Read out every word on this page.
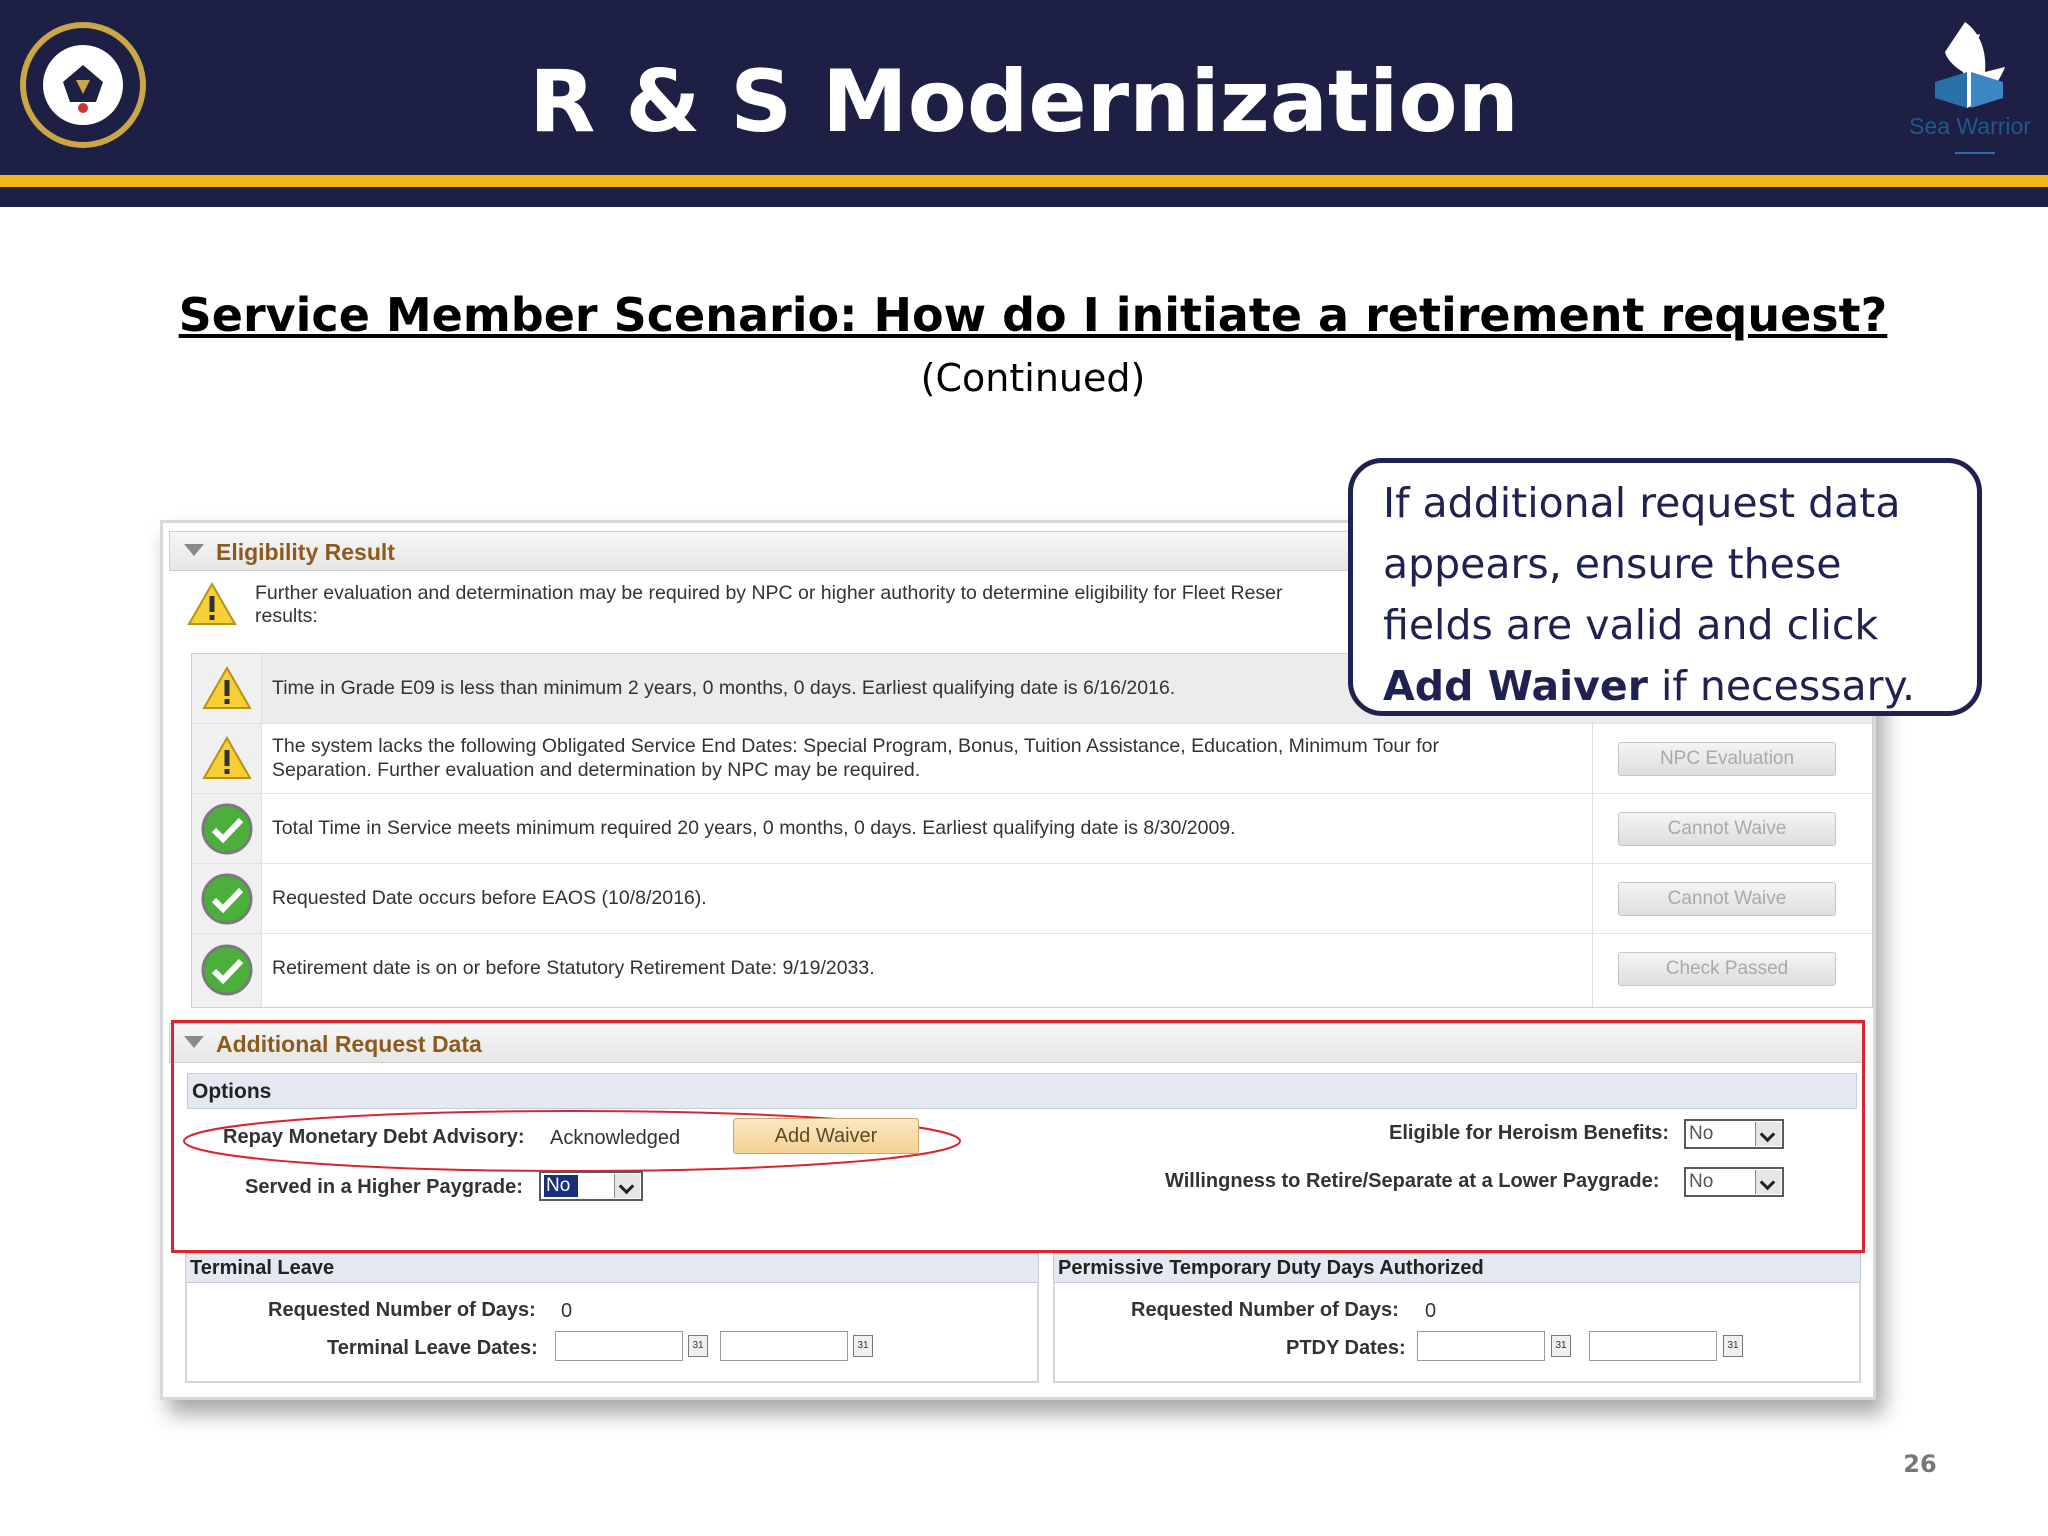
R & S Modernization	Sea Warrior
Service Member Scenario: How do I initiate a retirement request?
(Continued)
Eligibility Result
Further evaluation and determination may be required by NPC or higher authority to determine eligibility for Fleet Reser
results:
Time in Grade E09 is less than minimum 2 years, 0 months, 0 days. Earliest qualifying date is 6/16/2016.
The system lacks the following Obligated Service End Dates: Special Program, Bonus, Tuition Assistance, Education, Minimum Tour for
Separation. Further evaluation and determination by NPC may be required.
NPC Evaluation
Total Time in Service meets minimum required 20 years, 0 months, 0 days. Earliest qualifying date is 8/30/2009.	Cannot Waive
Requested Date occurs before EAOS (10/8/2016).	Cannot Waive
Retirement date is on or before Statutory Retirement Date: 9/19/2033.	Check Passed
Additional Request Data
Options
Repay Monetary Debt Advisory: Acknowledged	Add Waiver
Served in a Higher Paygrade: No
Eligible for Heroism Benefits: No
Willingness to Retire/Separate at a Lower Paygrade: No
Terminal Leave
Requested Number of Days: 0
Terminal Leave Dates:	31	31
Permissive Temporary Duty Days Authorized
Requested Number of Days: 0
PTDY Dates:	31	31

If additional request data

appears, ensure these

fields are valid and click

Add Waiver if necessary.

26
